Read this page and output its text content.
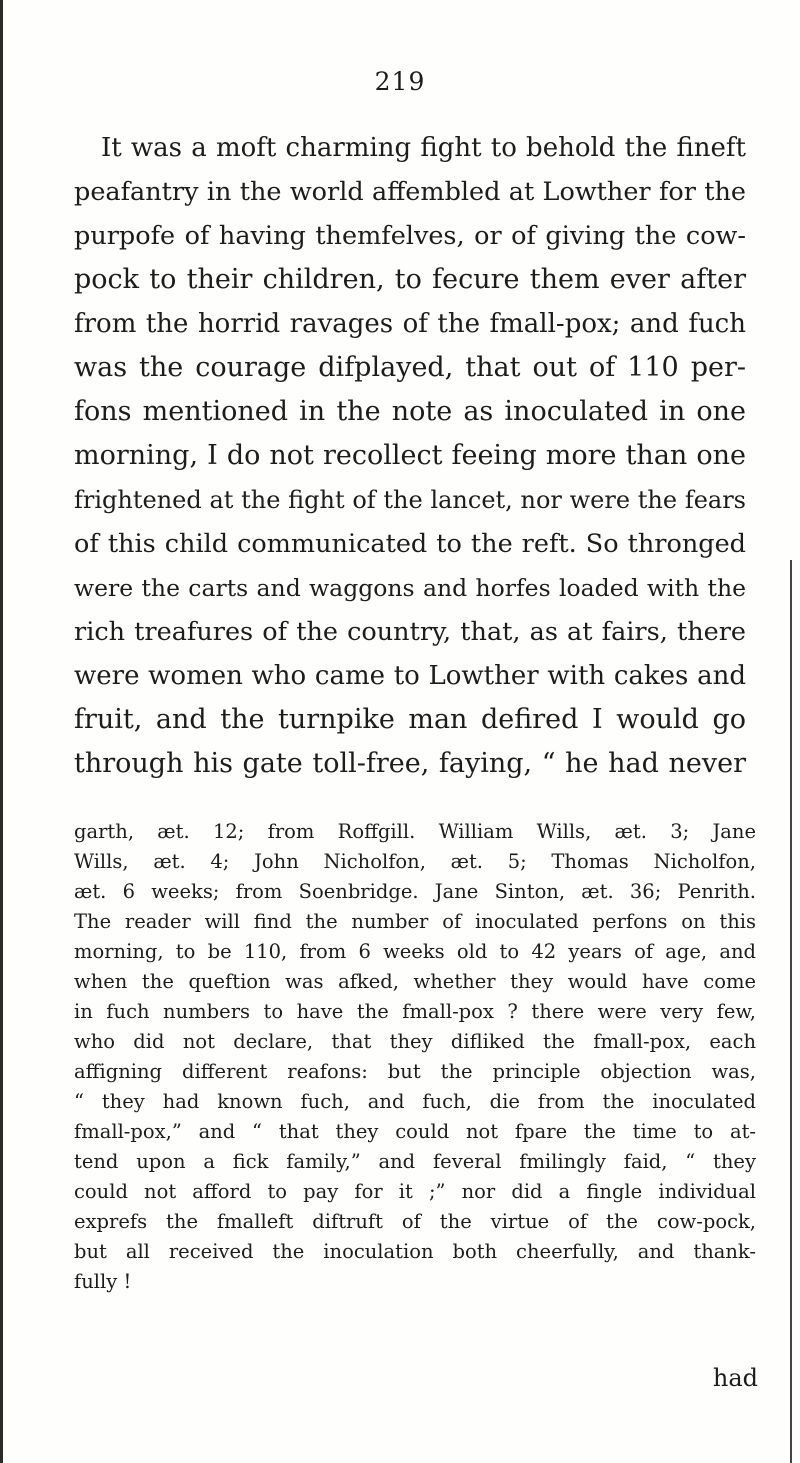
219
It was a moft charming fight to behold the fineft
peafantry in the world affembled at Lowther for the
purpofe of having themfelves, or of giving the cow-
pock to their children, to fecure them ever after
from the horrid ravages of the fmall-pox; and fuch
was the courage difplayed, that out of 110 per-
fons mentioned in the note as inoculated in one
morning, I do not recollect feeing more than one
frightened at the fight of the lancet, nor were the fears
of this child communicated to the reft. So thronged
were the carts and waggons and horfes loaded with the
rich treafures of the country, that, as at fairs, there
were women who came to Lowther with cakes and
fruit, and the turnpike man defired I would go
through his gate toll-free, faying, “ he had never
garth, æt. 12; from Roffgill. William Wills, æt. 3; Jane
Wills, æt. 4; John Nicholfon, æt. 5; Thomas Nicholfon,
æt. 6 weeks; from Soenbridge. Jane Sinton, æt. 36; Penrith.
The reader will find the number of inoculated perfons on this
morning, to be 110, from 6 weeks old to 42 years of age, and
when the queftion was afked, whether they would have come
in fuch numbers to have the fmall-pox ? there were very few,
who did not declare, that they difliked the fmall-pox, each
affigning different reafons: but the principle objection was,
“ they had known fuch, and fuch, die from the inoculated
fmall-pox,” and “ that they could not fpare the time to at-
tend upon a fick family,” and feveral fmilingly faid, “ they
could not afford to pay for it ;” nor did a fingle individual
exprefs the fmalleft diftruft of the virtue of the cow-pock,
but all received the inoculation both cheerfully, and thank-
fully !
had
